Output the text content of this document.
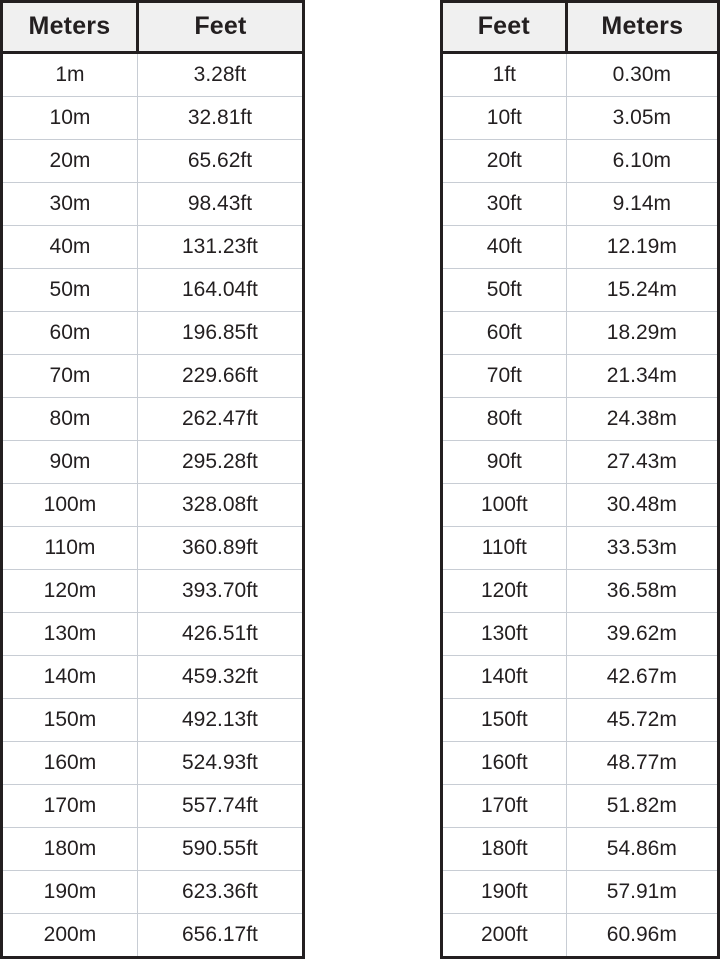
Meters	Feet
1m	3.28ft
10m	32.81ft
20m	65.62ft
30m	98.43ft
40m	131.23ft
50m	164.04ft
60m	196.85ft
70m	229.66ft
80m	262.47ft
90m	295.28ft
100m	328.08ft
110m	360.89ft
120m	393.70ft
130m	426.51ft
140m	459.32ft
150m	492.13ft
160m	524.93ft
170m	557.74ft
180m	590.55ft
190m	623.36ft
200m	656.17ft
Feet	Meters
1ft	0.30m
10ft	3.05m
20ft	6.10m
30ft	9.14m
40ft	12.19m
50ft	15.24m
60ft	18.29m
70ft	21.34m
80ft	24.38m
90ft	27.43m
100ft	30.48m
110ft	33.53m
120ft	36.58m
130ft	39.62m
140ft	42.67m
150ft	45.72m
160ft	48.77m
170ft	51.82m
180ft	54.86m
190ft	57.91m
200ft	60.96m
